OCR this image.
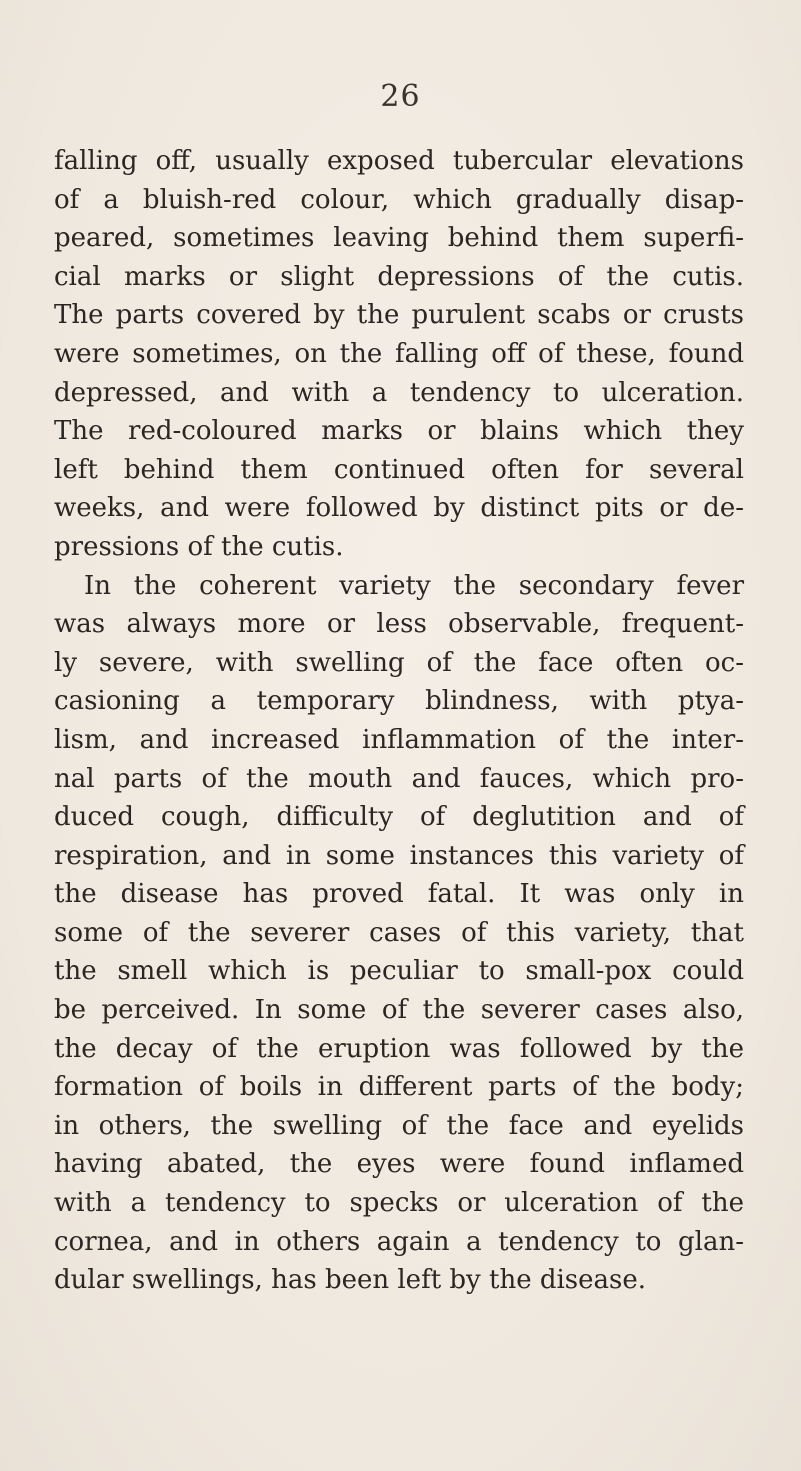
26
falling off, usually exposed tubercular elevations
of a bluish-red colour, which gradually disap-
peared, sometimes leaving behind them superfi-
cial marks or slight depressions of the cutis.
The parts covered by the purulent scabs or crusts
were sometimes, on the falling off of these, found
depressed, and with a tendency to ulceration.
The red-coloured marks or blains which they
left behind them continued often for several
weeks, and were followed by distinct pits or de-
pressions of the cutis.
In the coherent variety the secondary fever
was always more or less observable, frequent-
ly severe, with swelling of the face often oc-
casioning a temporary blindness, with ptya-
lism, and increased inflammation of the inter-
nal parts of the mouth and fauces, which pro-
duced cough, difficulty of deglutition and of
respiration, and in some instances this variety of
the disease has proved fatal. It was only in
some of the severer cases of this variety, that
the smell which is peculiar to small-pox could
be perceived. In some of the severer cases also,
the decay of the eruption was followed by the
formation of boils in different parts of the body;
in others, the swelling of the face and eyelids
having abated, the eyes were found inflamed
with a tendency to specks or ulceration of the
cornea, and in others again a tendency to glan-
dular swellings, has been left by the disease.
